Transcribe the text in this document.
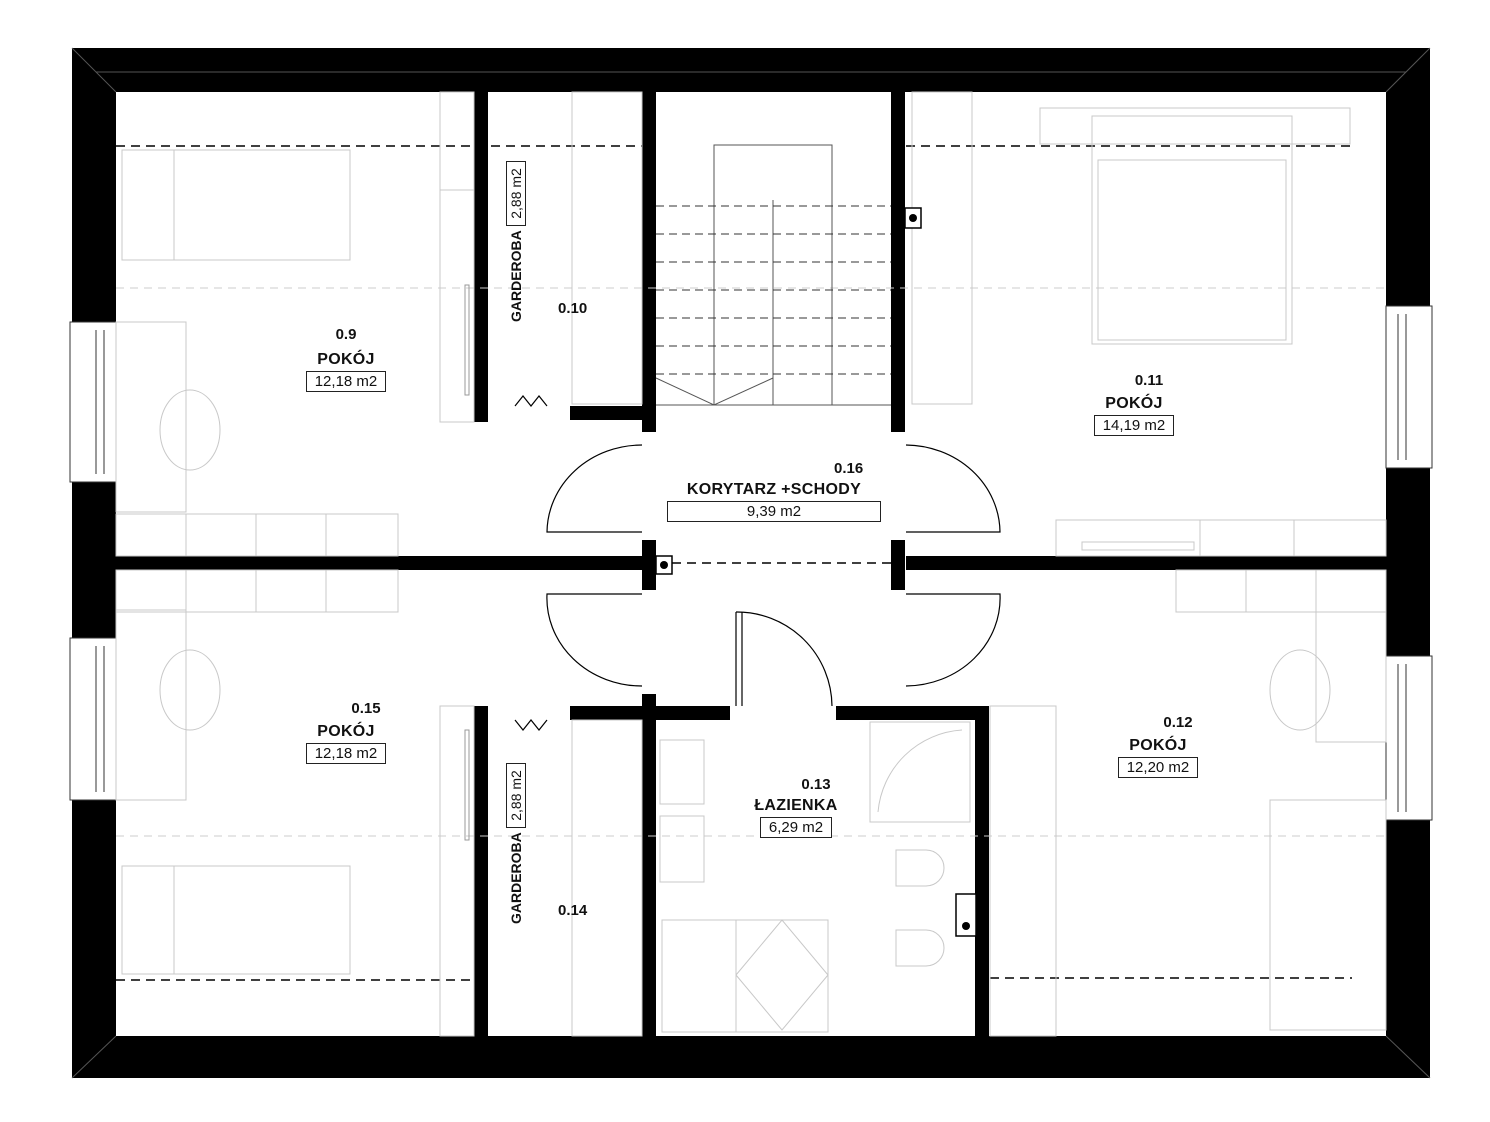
0.9
POKÓJ
12,18 m2
GARDEROBA 2,88 m2
0.10
0.11
POKÓJ
14,19 m2
0.16
KORYTARZ +SCHODY
9,39 m2
0.15
POKÓJ
12,18 m2
GARDEROBA 2,88 m2
0.14
0.13
ŁAZIENKA
6,29 m2
0.12
POKÓJ
12,20 m2
